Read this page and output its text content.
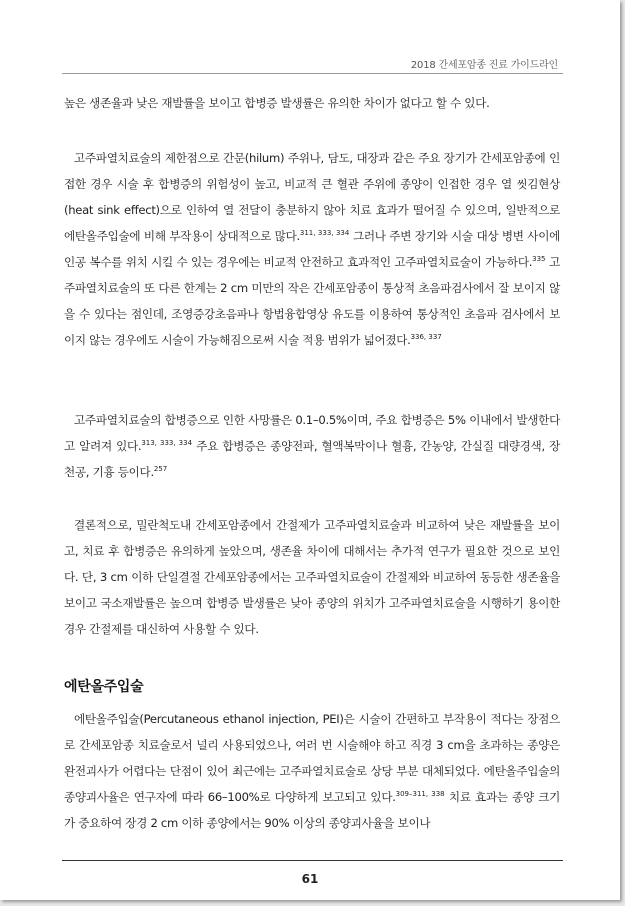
2018 간세포암종 진료 가이드라인

높은 생존율과 낮은 재발률을 보이고 합병증 발생률은 유의한 차이가 없다고 할 수 있다.

고주파열치료술의 제한점으로 간문(hilum) 주위나, 담도, 대장과 같은 주요 장기가 간세포암종에 인접한 경우 시술 후 합병증의 위험성이 높고, 비교적 큰 혈관 주위에 종양이 인접한 경우 열 씻김현상(heat sink effect)으로 인하여 열 전달이 충분하지 않아 치료 효과가 떨어질 수 있으며, 일반적으로 에탄올주입술에 비해 부작용이 상대적으로 많다.$^{311, 333, 334}$ 그러나 주변 장기와 시술 대상 병변 사이에 인공 복수를 위치 시킬 수 있는 경우에는 비교적 안전하고 효과적인 고주파열치료술이 가능하다.$^{335}$ 고주파열치료술의 또 다른 한계는 2 cm 미만의 작은 간세포암종이 통상적 초음파검사에서 잘 보이지 않을 수 있다는 점인데, 조영증강초음파나 항법융합영상 유도를 이용하여 통상적인 초음파 검사에서 보이지 않는 경우에도 시술이 가능해짐으로써 시술 적용 범위가 넓어졌다.$^{336, 337}$

고주파열치료술의 합병증으로 인한 사망률은 0.1–0.5%이며, 주요 합병증은 5% 이내에서 발생한다고 알려져 있다.$^{313, 333, 334}$ 주요 합병증은 종양전파, 혈액복막이나 혈흉, 간농양, 간실질 대량경색, 장 천공, 기흉 등이다.$^{257}$

결론적으로, 밀란척도내 간세포암종에서 간절제가 고주파열치료술과 비교하여 낮은 재발률을 보이고, 치료 후 합병증은 유의하게 높았으며, 생존율 차이에 대해서는 추가적 연구가 필요한 것으로 보인다. 단, 3 cm 이하 단일결절 간세포암종에서는 고주파열치료술이 간절제와 비교하여 동등한 생존율을 보이고 국소재발률은 높으며 합병증 발생률은 낮아 종양의 위치가 고주파열치료술을 시행하기 용이한 경우 간절제를 대신하여 사용할 수 있다.

에탄올주입술

에탄올주입술(Percutaneous ethanol injection, PEI)은 시술이 간편하고 부작용이 적다는 장점으로 간세포암종 치료술로서 널리 사용되었으나, 여러 번 시술해야 하고 직경 3 cm을 초과하는 종양은 완전괴사가 어렵다는 단점이 있어 최근에는 고주파열치료술로 상당 부분 대체되었다. 에탄올주입술의 종양괴사율은 연구자에 따라 66–100%로 다양하게 보고되고 있다.$^{309-311, 338}$ 치료 효과는 종양 크기가 중요하여 장경 2 cm 이하 종양에서는 90% 이상의 종양괴사율을 보이나

61
